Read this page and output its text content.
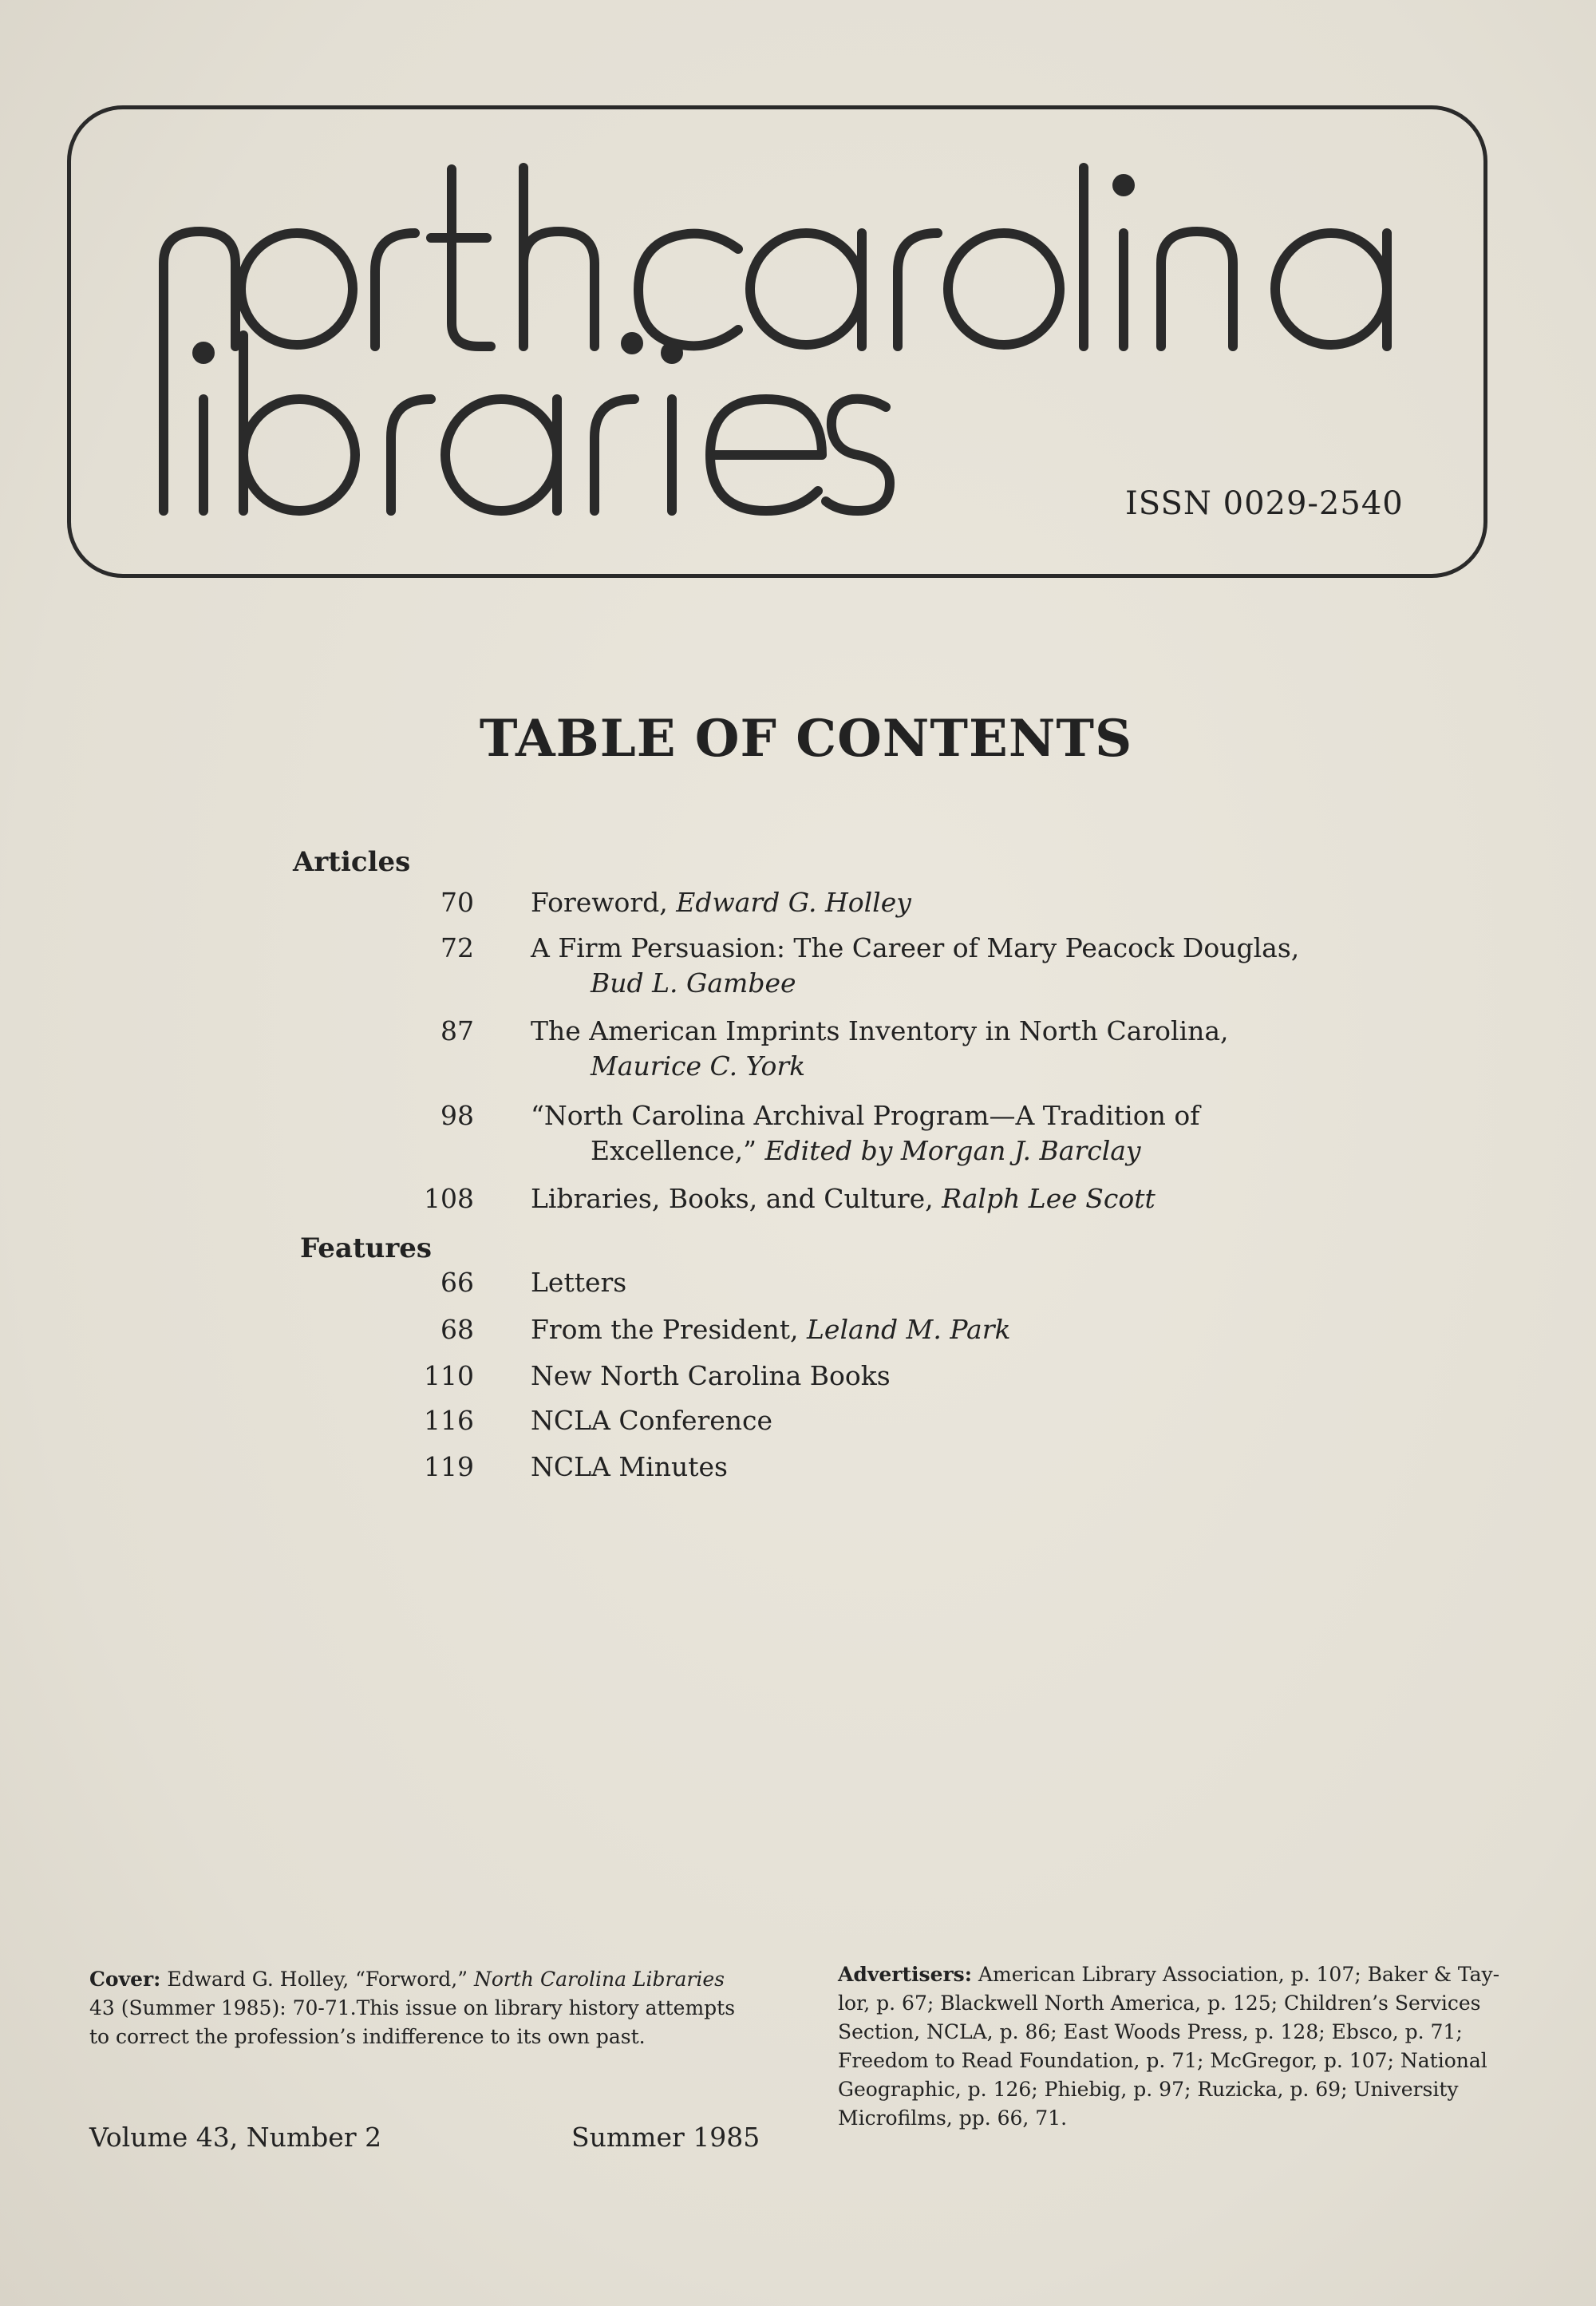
ISSN 0029-2540
TABLE OF CONTENTS
Articles
70 Foreword, Edward G. Holley
72 A Firm Persuasion: The Career of Mary Peacock Douglas,
Bud L. Gambee
87 The American Imprints Inventory in North Carolina,
Maurice C. York
98 “North Carolina Archival Program—A Tradition of
Excellence,” Edited by Morgan J. Barclay
108 Libraries, Books, and Culture, Ralph Lee Scott
Features
66 Letters
68 From the President, Leland M. Park
110 New North Carolina Books
116 NCLA Conference
119 NCLA Minutes
Cover: Edward G. Holley, “Forword,” North Carolina Libraries
43 (Summer 1985): 70-71.This issue on library history attempts
to correct the profession’s indifference to its own past.
Advertisers: American Library Association, p. 107; Baker & Tay-
lor, p. 67; Blackwell North America, p. 125; Children’s Services
Section, NCLA, p. 86; East Woods Press, p. 128; Ebsco, p. 71;
Freedom to Read Foundation, p. 71; McGregor, p. 107; National
Geographic, p. 126; Phiebig, p. 97; Ruzicka, p. 69; University
Microfilms, pp. 66, 71.
Volume 43, Number 2	Summer 1985
